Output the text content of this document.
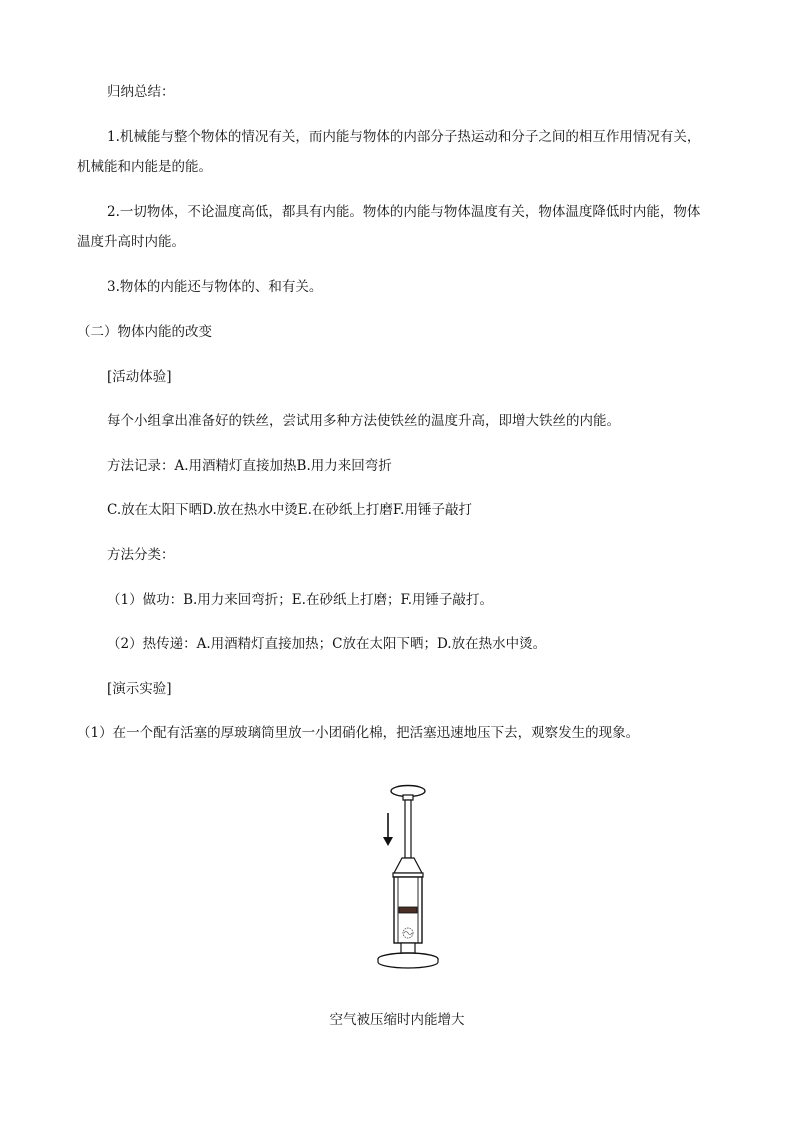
归纳总结：
1.机械能与整个物体的情况有关，而内能与物体的内部分子热运动和分子之间的相互作用情况有关，
机械能和内能是的能。
2.一切物体，不论温度高低，都具有内能。物体的内能与物体温度有关，物体温度降低时内能，物体
温度升高时内能。
3.物体的内能还与物体的、和有关。
（二）物体内能的改变
[活动体验]
每个小组拿出准备好的铁丝，尝试用多种方法使铁丝的温度升高，即增大铁丝的内能。
方法记录：A.用酒精灯直接加热B.用力来回弯折
C.放在太阳下晒D.放在热水中烫E.在砂纸上打磨F.用锤子敲打
方法分类：
（1）做功：B.用力来回弯折；E.在砂纸上打磨；F.用锤子敲打。
（2）热传递：A.用酒精灯直接加热；C放在太阳下晒；D.放在热水中烫。
[演示实验]
（1）在一个配有活塞的厚玻璃筒里放一小团硝化棉，把活塞迅速地压下去，观察发生的现象。
空气被压缩时内能增大
